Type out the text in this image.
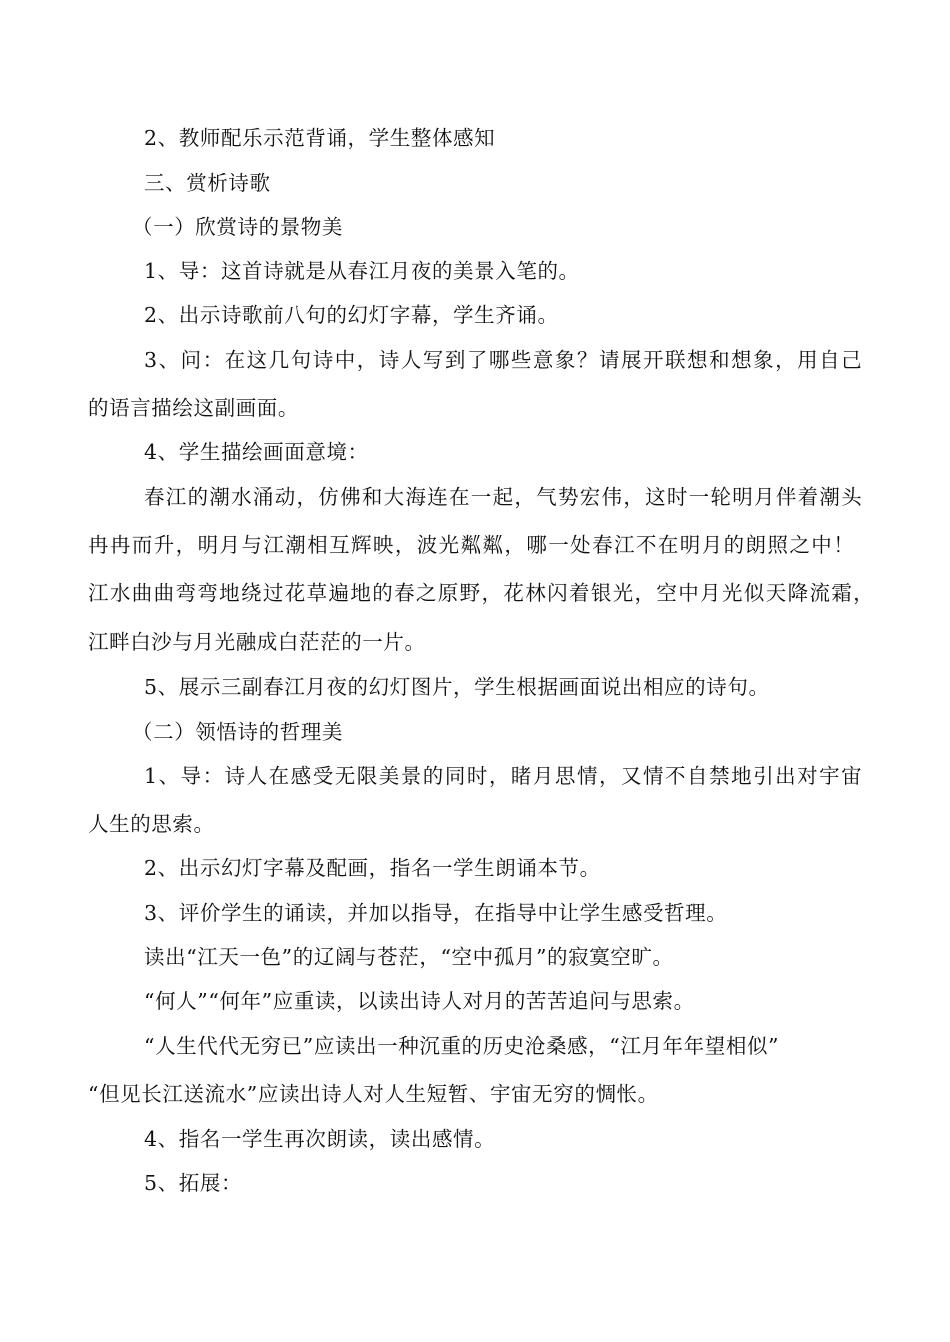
2、教师配乐示范背诵，学生整体感知
三、赏析诗歌
（一）欣赏诗的景物美
1、导：这首诗就是从春江月夜的美景入笔的。
2、出示诗歌前八句的幻灯字幕，学生齐诵。
3、问：在这几句诗中，诗人写到了哪些意象？请展开联想和想象，用自己
的语言描绘这副画面。
4、学生描绘画面意境：
春江的潮水涌动，仿佛和大海连在一起，气势宏伟，这时一轮明月伴着潮头
冉冉而升，明月与江潮相互辉映，波光粼粼，哪一处春江不在明月的朗照之中！
江水曲曲弯弯地绕过花草遍地的春之原野，花林闪着银光，空中月光似天降流霜，
江畔白沙与月光融成白茫茫的一片。
5、展示三副春江月夜的幻灯图片，学生根据画面说出相应的诗句。
（二）领悟诗的哲理美
1、导：诗人在感受无限美景的同时，睹月思情，又情不自禁地引出对宇宙
人生的思索。
2、出示幻灯字幕及配画，指名一学生朗诵本节。
3、评价学生的诵读，并加以指导，在指导中让学生感受哲理。
读出“江天一色”的辽阔与苍茫，“空中孤月”的寂寞空旷。
“何人”“何年”应重读，以读出诗人对月的苦苦追问与思索。
“人生代代无穷已”应读出一种沉重的历史沧桑感，“江月年年望相似”
“但见长江送流水”应读出诗人对人生短暂、宇宙无穷的惆怅。
4、指名一学生再次朗读，读出感情。
5、拓展：
